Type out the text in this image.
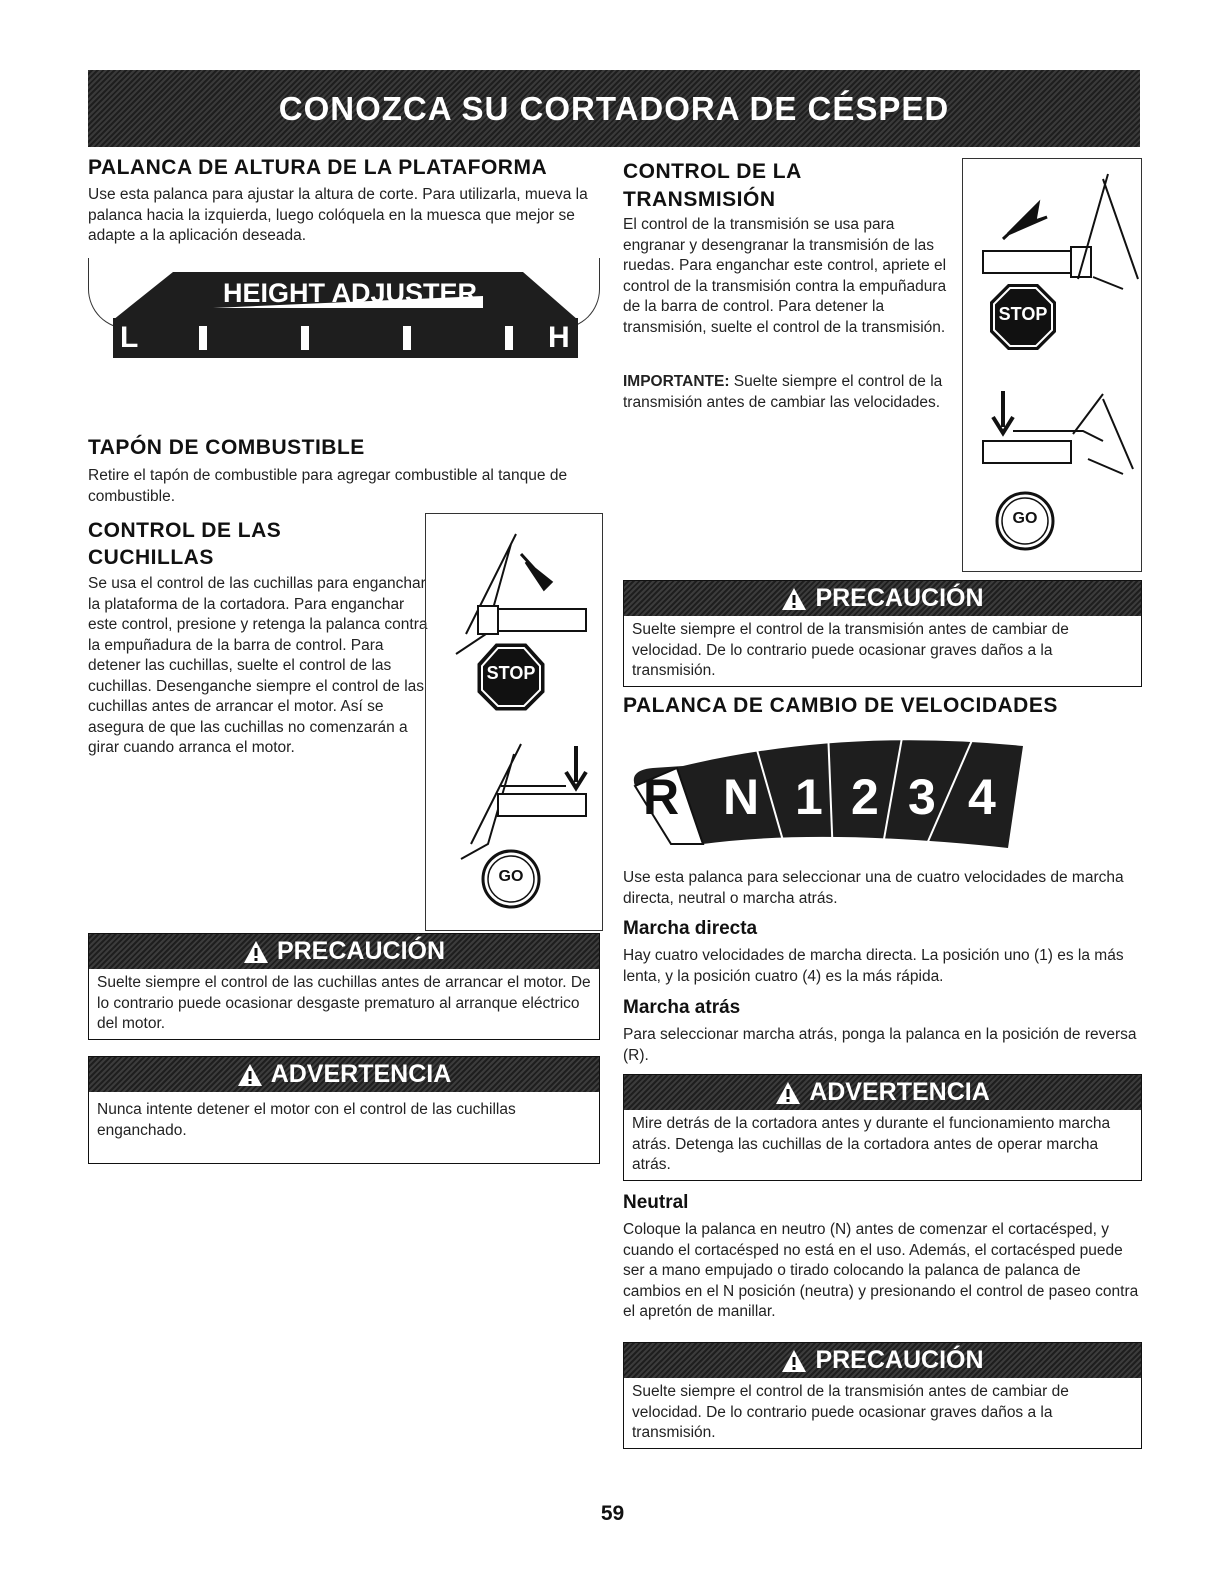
CONOZCA SU CORTADORA DE CÉSPED
PALANCA DE ALTURA DE LA PLATAFORMA

Use esta palanca para ajustar la altura de corte. Para utilizarla, mueva la palanca hacia la izquierda, luego colóquela en la muesca que mejor se adapte a la aplicación deseada.

HEIGHT ADJUSTER
L	H
TAPÓN DE COMBUSTIBLE

Retire el tapón de combustible para agregar combustible al tanque de combustible.

CONTROL DE LAS
CUCHILLAS

Se usa el control de las cuchillas para enganchar la plataforma de la cortadora. Para enganchar este control, presione y retenga la palanca contra la empuñadura de la barra de control. Para detener las cuchillas, suelte el control de las cuchillas. Desenganche siempre el control de las cuchillas antes de arrancar el motor. Así se asegura de que las cuchillas no comenzarán a girar cuando arranca el motor.

STOP
GO
PRECAUCIÓN
Suelte siempre el control de las cuchillas antes de arrancar el motor. De lo contrario puede ocasionar desgaste prematuro al arranque eléctrico del motor.
ADVERTENCIA
Nunca intente detener el motor con el control de las cuchillas enganchado.
CONTROL DE LA
TRANSMISIÓN

El control de la transmisión se usa para engranar y desengranar la transmisión de las ruedas. Para enganchar este control, apriete el control de la transmisión contra la empuñadura de la barra de control. Para detener la transmisión, suelte el control de la transmisión.

IMPORTANTE: Suelte siempre el control de la transmisión antes de cambiar las velocidades.

STOP
GO
PRECAUCIÓN
Suelte siempre el control de la transmisión antes de cambiar de velocidad. De lo contrario puede ocasionar graves daños a la transmisión.
PALANCA DE CAMBIO DE VELOCIDADES
R N 1 2 3 4

Use esta palanca para seleccionar una de cuatro velocidades de marcha directa, neutral o marcha atrás.

Marcha directa

Hay cuatro velocidades de marcha directa. La posición uno (1) es la más lenta, y la posición cuatro (4) es la más rápida.

Marcha atrás

Para seleccionar marcha atrás, ponga la palanca en la posición de reversa (R).

ADVERTENCIA
Mire detrás de la cortadora antes y durante el funcionamiento marcha atrás. Detenga las cuchillas de la cortadora antes de operar marcha atrás.
Neutral

Coloque la palanca en neutro (N) antes de comenzar el cortacésped, y cuando el cortacésped no está en el uso. Además, el cortacésped puede ser a mano empujado o tirado colocando la palanca de palanca de cambios en el N posición (neutra) y presionando el control de paseo contra el apretón de manillar.

PRECAUCIÓN
Suelte siempre el control de la transmisión antes de cambiar de velocidad. De lo contrario puede ocasionar graves daños a la transmisión.
59
